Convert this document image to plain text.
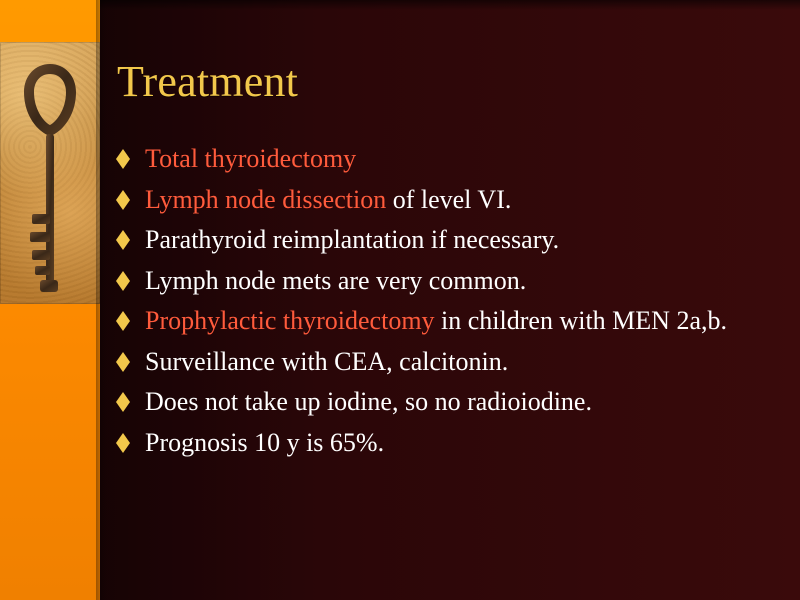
Treatment
Total thyroidectomy
Lymph node dissection of level VI.
Parathyroid reimplantation if necessary.
Lymph node mets are very common.
Prophylactic thyroidectomy in children with MEN 2a,b.
Surveillance with CEA, calcitonin.
Does not take up iodine, so no radioiodine.
Prognosis 10 y is 65%.
